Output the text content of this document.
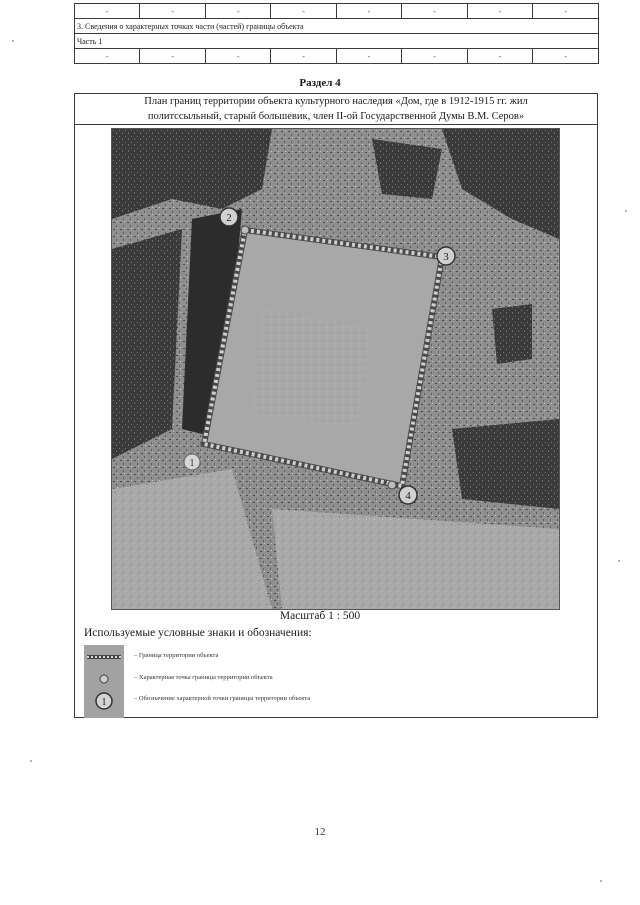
-	-	-	-	-	-	-	-
3. Сведения о характерных точках части (частей) границы объекта							
Часть 1							
-	-	-	-	-	-	-	-
Раздел 4
План границ территории объекта культурного наследия «Дом, где в 1912-1915 гг. жил
политссыльный, старый большевик, член II-ой Государственной Думы В.М. Серов»
2
3
4
1
Масштаб 1 : 500
Используемые условные знаки и обозначения:
1
– Граница территории объекта
– Характерная точка границы территории объекта
– Обозначение характерной точки границы территории объекта
12
